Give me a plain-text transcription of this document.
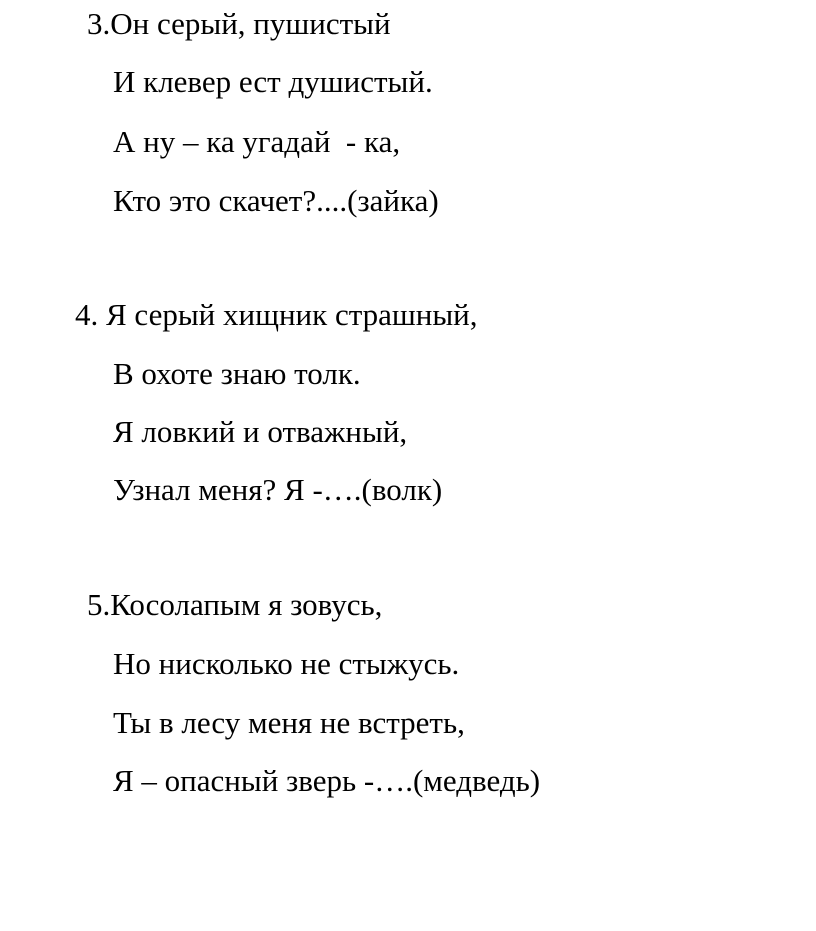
3.Он серый, пушистый

И клевер ест душистый.

А ну – ка угадай  - ка,

Кто это скачет?....(зайка)

4. Я серый хищник страшный,

В охоте знаю толк.

Я ловкий и отважный,

Узнал меня? Я -….(волк)

5.Косолапым я зовусь,

Но нисколько не стыжусь.

Ты в лесу меня не встреть,

Я – опасный зверь -….(медведь)
